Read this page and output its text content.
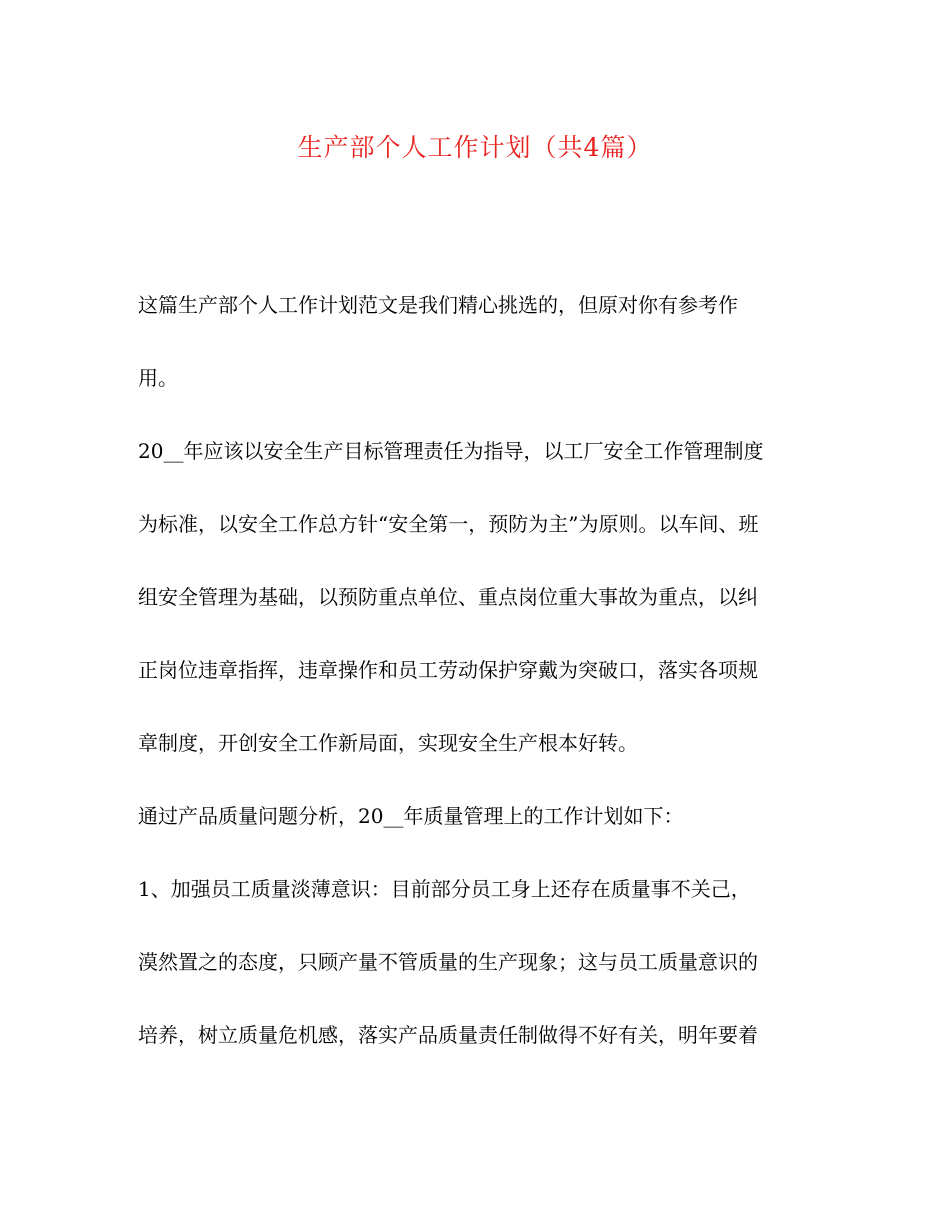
生产部个人工作计划（共4篇）

这篇生产部个人工作计划范文是我们精心挑选的，但原对你有参考作

用。

20__年应该以安全生产目标管理责任为指导，以工厂安全工作管理制度

为标准，以安全工作总方针“安全第一，预防为主”为原则。以车间、班

组安全管理为基础，以预防重点单位、重点岗位重大事故为重点，以纠

正岗位违章指挥，违章操作和员工劳动保护穿戴为突破口，落实各项规

章制度，开创安全工作新局面，实现安全生产根本好转。

通过产品质量问题分析，20__年质量管理上的工作计划如下：

1、加强员工质量淡薄意识：目前部分员工身上还存在质量事不关己，

漠然置之的态度，只顾产量不管质量的生产现象；这与员工质量意识的

培养，树立质量危机感，落实产品质量责任制做得不好有关，明年要着
